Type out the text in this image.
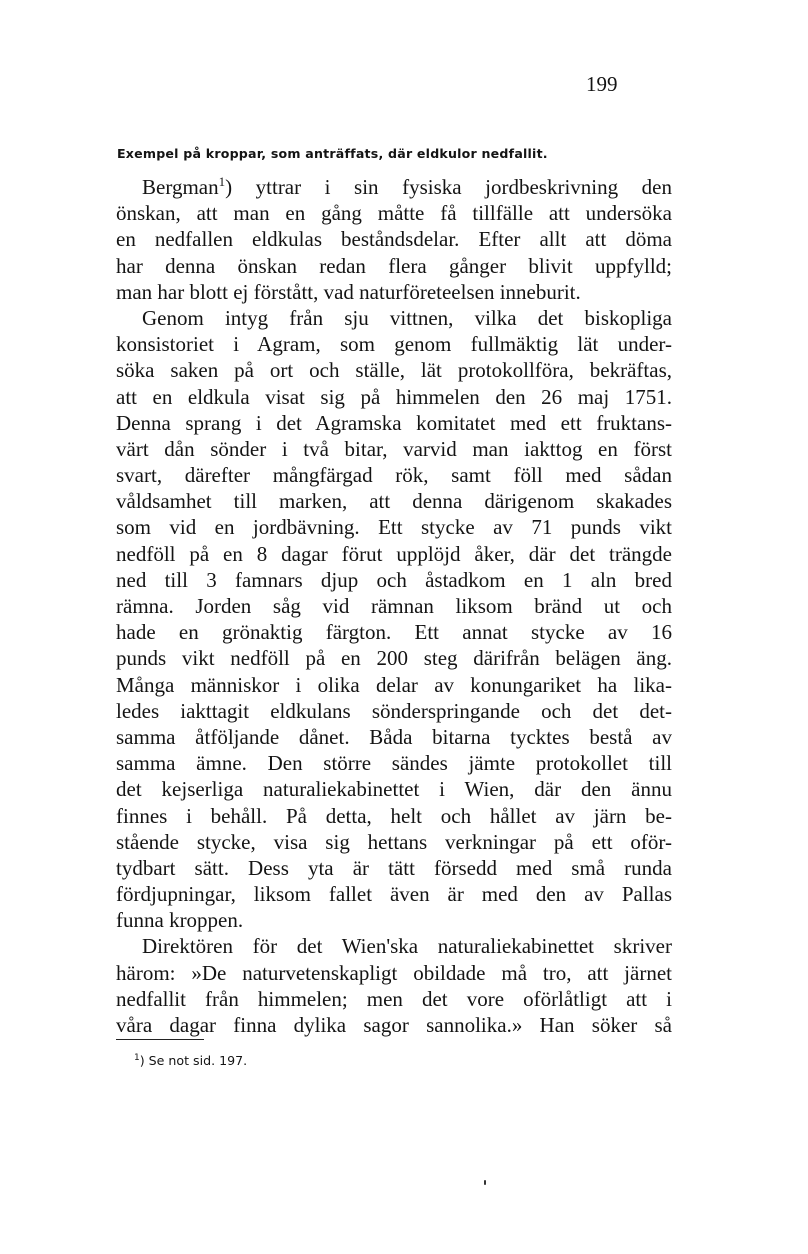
199
Exempel på kroppar, som anträffats, där eldkulor nedfallit.
Bergman$^1$) yttrar i sin fysiska jordbeskrivning den
önskan, att man en gång måtte få tillfälle att undersöka
en nedfallen eldkulas beståndsdelar. Efter allt att döma
har denna önskan redan flera gånger blivit uppfylld;
man har blott ej förstått, vad naturföreteelsen inneburit.
Genom intyg från sju vittnen, vilka det biskopliga
konsistoriet i Agram, som genom fullmäktig lät under-
söka saken på ort och ställe, lät protokollföra, bekräftas,
att en eldkula visat sig på himmelen den 26 maj 1751.
Denna sprang i det Agramska komitatet med ett fruktans-
värt dån sönder i två bitar, varvid man iakttog en först
svart, därefter mångfärgad rök, samt föll med sådan
våldsamhet till marken, att denna därigenom skakades
som vid en jordbävning. Ett stycke av 71 punds vikt
nedföll på en 8 dagar förut upplöjd åker, där det trängde
ned till 3 famnars djup och åstadkom en 1 aln bred
rämna. Jorden såg vid rämnan liksom bränd ut och
hade en grönaktig färgton. Ett annat stycke av 16
punds vikt nedföll på en 200 steg därifrån belägen äng.
Många människor i olika delar av konungariket ha lika-
ledes iakttagit eldkulans sönderspringande och det det-
samma åtföljande dånet. Båda bitarna tycktes bestå av
samma ämne. Den större sändes jämte protokollet till
det kejserliga naturaliekabinettet i Wien, där den ännu
finnes i behåll. På detta, helt och hållet av järn be-
stående stycke, visa sig hettans verkningar på ett oför-
tydbart sätt. Dess yta är tätt försedd med små runda
fördjupningar, liksom fallet även är med den av Pallas
funna kroppen.
Direktören för det Wien'ska naturaliekabinettet skriver
härom: »De naturvetenskapligt obildade må tro, att järnet
nedfallit från himmelen; men det vore oförlåtligt att i
våra dagar finna dylika sagor sannolika.» Han söker så
$^1$) Se not sid. 197.
